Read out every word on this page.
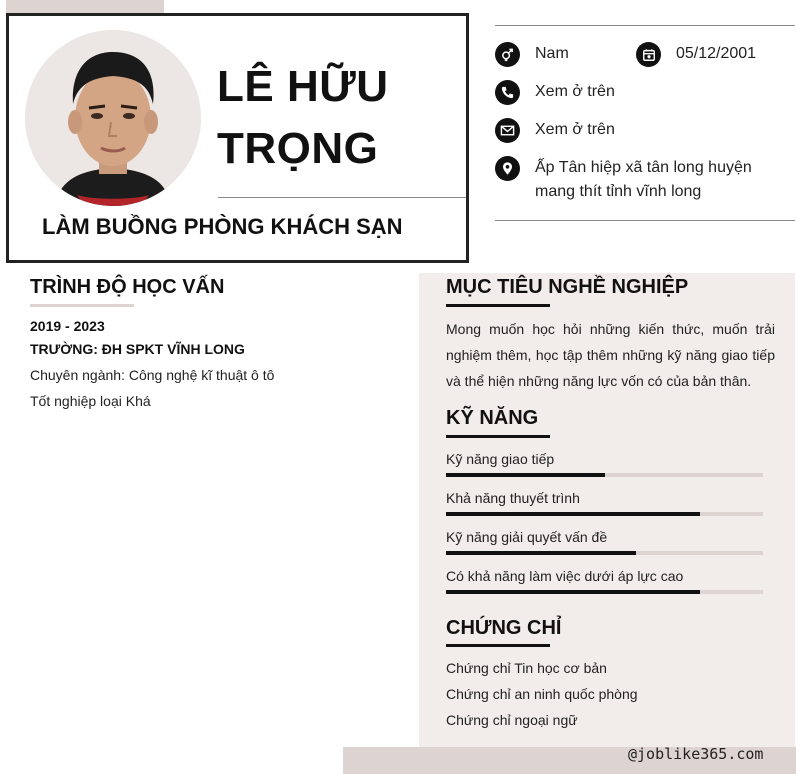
LÊ HỮU
TRỌNG
LÀM BUỒNG PHÒNG KHÁCH SẠN
Nam	05/12/2001
Xem ở trên
Xem ở trên
Ấp Tân hiệp xã tân long huyện
mang thít tỉnh vĩnh long
TRÌNH ĐỘ HỌC VẤN
2019 - 2023
TRƯỜNG: ĐH SPKT VĨNH LONG
Chuyên ngành: Công nghệ kĩ thuật ô tô
Tốt nghiệp loại Khá
MỤC TIÊU NGHỀ NGHIỆP
Mong muốn học hỏi những kiến thức, muốn trải nghiệm thêm, học tập thêm những kỹ năng giao tiếp và thể hiện những năng lực vốn có của bản thân.
KỸ NĂNG
Kỹ năng giao tiếp
Khả năng thuyết trình
Kỹ năng giải quyết vấn đề
Có khả năng làm việc dưới áp lực cao
CHỨNG CHỈ
Chứng chỉ Tin học cơ bản
Chứng chỉ an ninh quốc phòng
Chứng chỉ ngoại ngữ
@joblike365.com
